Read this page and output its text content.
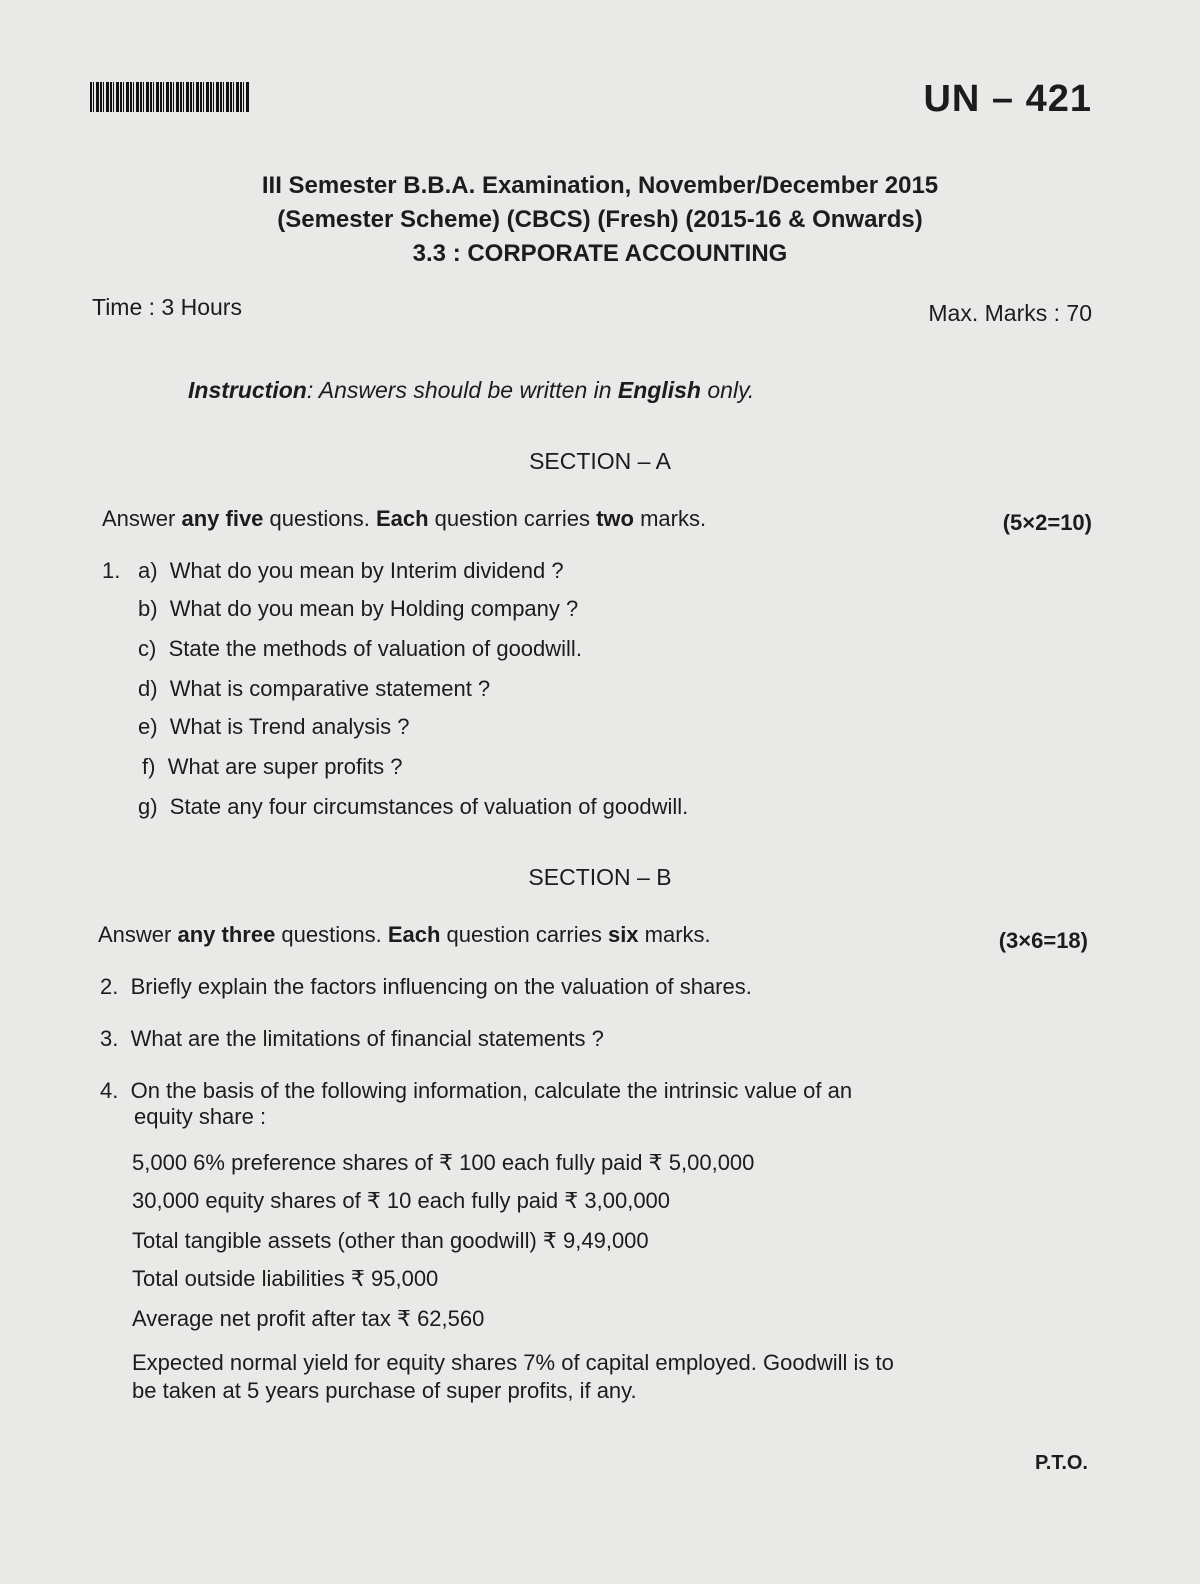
UN – 421
III Semester B.B.A. Examination, November/December 2015
(Semester Scheme) (CBCS) (Fresh) (2015-16 & Onwards)
3.3 : CORPORATE ACCOUNTING
Time : 3 Hours	Max. Marks : 70
Instruction: Answers should be written in English only.
SECTION – A
Answer any five questions. Each question carries two marks.	(5×2=10)
1. a) What do you mean by Interim dividend ?
b) What do you mean by Holding company ?
c) State the methods of valuation of goodwill.
d) What is comparative statement ?
e) What is Trend analysis ?
f) What are super profits ?
g) State any four circumstances of valuation of goodwill.
SECTION – B
Answer any three questions. Each question carries six marks.	(3×6=18)
2. Briefly explain the factors influencing on the valuation of shares.
3. What are the limitations of financial statements ?
4. On the basis of the following information, calculate the intrinsic value of an
equity share :
5,000 6% preference shares of ₹ 100 each fully paid ₹ 5,00,000
30,000 equity shares of ₹ 10 each fully paid ₹ 3,00,000
Total tangible assets (other than goodwill) ₹ 9,49,000
Total outside liabilities ₹ 95,000
Average net profit after tax ₹ 62,560
Expected normal yield for equity shares 7% of capital employed. Goodwill is to
be taken at 5 years purchase of super profits, if any.
P.T.O.
